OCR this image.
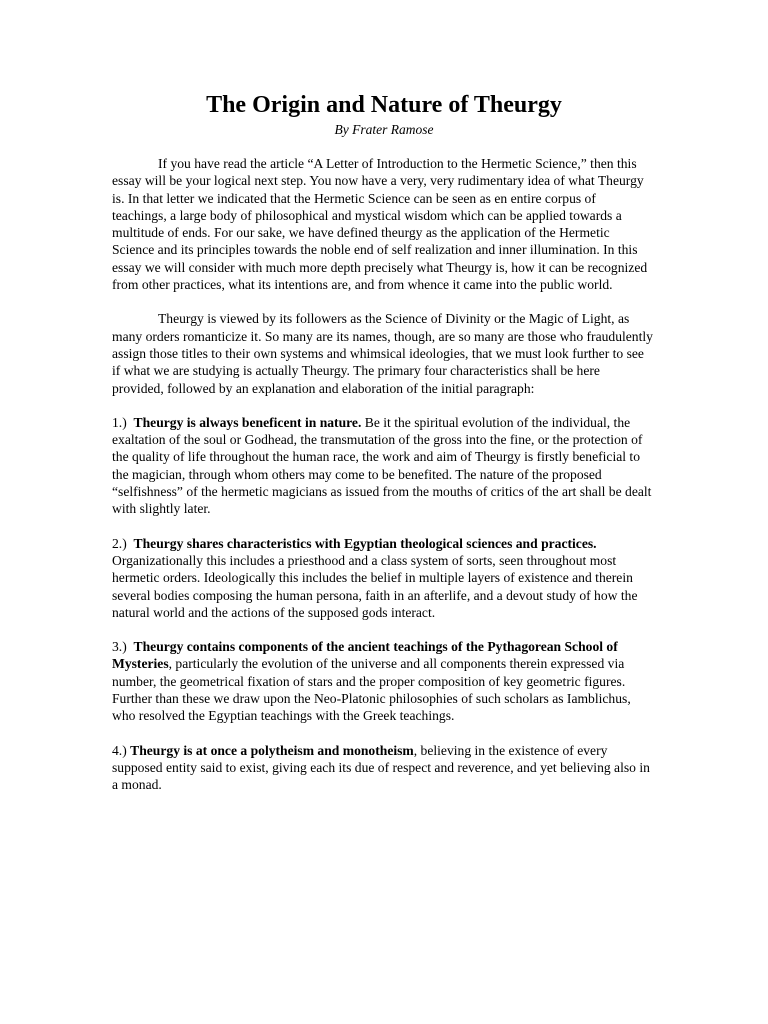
The Origin and Nature of Theurgy
By Frater Ramose

If you have read the article “A Letter of Introduction to the Hermetic Science,” then this essay will be your logical next step. You now have a very, very rudimentary idea of what Theurgy is. In that letter we indicated that the Hermetic Science can be seen as en entire corpus of teachings, a large body of philosophical and mystical wisdom which can be applied towards a multitude of ends. For our sake, we have defined theurgy as the application of the Hermetic Science and its principles towards the noble end of self realization and inner illumination. In this essay we will consider with much more depth precisely what Theurgy is, how it can be recognized from other practices, what its intentions are, and from whence it came into the public world.

Theurgy is viewed by its followers as the Science of Divinity or the Magic of Light, as many orders romanticize it. So many are its names, though, are so many are those who fraudulently assign those titles to their own systems and whimsical ideologies, that we must look further to see if what we are studying is actually Theurgy. The primary four characteristics shall be here provided, followed by an explanation and elaboration of the initial paragraph:

1.) Theurgy is always beneficent in nature. Be it the spiritual evolution of the individual, the exaltation of the soul or Godhead, the transmutation of the gross into the fine, or the protection of the quality of life throughout the human race, the work and aim of Theurgy is firstly beneficial to the magician, through whom others may come to be benefited. The nature of the proposed “selfishness” of the hermetic magicians as issued from the mouths of critics of the art shall be dealt with slightly later.

2.) Theurgy shares characteristics with Egyptian theological sciences and practices. Organizationally this includes a priesthood and a class system of sorts, seen throughout most hermetic orders. Ideologically this includes the belief in multiple layers of existence and therein several bodies composing the human persona, faith in an afterlife, and a devout study of how the natural world and the actions of the supposed gods interact.

3.) Theurgy contains components of the ancient teachings of the Pythagorean School of Mysteries, particularly the evolution of the universe and all components therein expressed via number, the geometrical fixation of stars and the proper composition of key geometric figures. Further than these we draw upon the Neo-Platonic philosophies of such scholars as Iamblichus, who resolved the Egyptian teachings with the Greek teachings.

4.) Theurgy is at once a polytheism and monotheism, believing in the existence of every supposed entity said to exist, giving each its due of respect and reverence, and yet believing also in a monad.
